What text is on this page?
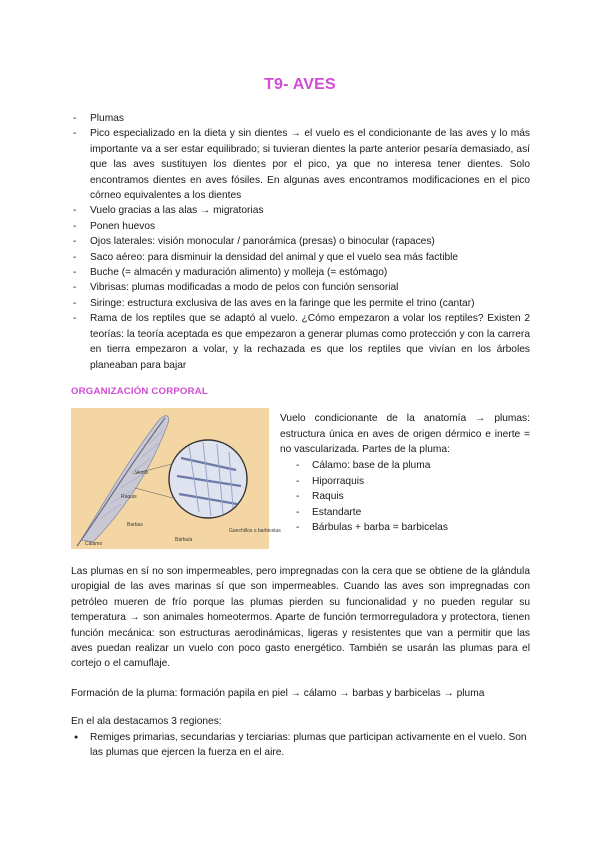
T9- AVES
- Plumas
- Pico especializado en la dieta y sin dientes → el vuelo es el condicionante de las aves y lo más importante va a ser estar equilibrado; si tuvieran dientes la parte anterior pesaría demasiado, así que las aves sustituyen los dientes por el pico, ya que no interesa tener dientes. Solo encontramos dientes en aves fósiles. En algunas aves encontramos modificaciones en el pico córneo equivalentes a los dientes
- Vuelo gracias a las alas → migratorias
- Ponen huevos
- Ojos laterales: visión monocular / panorámica (presas) o binocular (rapaces)
- Saco aéreo: para disminuir la densidad del animal y que el vuelo sea más factible
- Buche (= almacén y maduración alimento) y molleja (= estómago)
- Vibrisas: plumas modificadas a modo de pelos con función sensorial
- Siringe: estructura exclusiva de las aves en la faringe que les permite el trino (cantar)
- Rama de los reptiles que se adaptó al vuelo. ¿Cómo empezaron a volar los reptiles? Existen 2 teorías: la teoría aceptada es que empezaron a generar plumas como protección y con la carrera en tierra empezaron a volar, y la rechazada es que los reptiles que vivían en los árboles planeaban para bajar
ORGANIZACIÓN CORPORAL
Vexilo
Raquis
Barbas
Cálamo
Bárbula
Ganchillos o barbicelas
Vuelo condicionante de la anatomía → plumas: estructura única en aves de origen dérmico e inerte = no vascularizada. Partes de la pluma:
- Cálamo: base de la pluma
- Hiporraquis
- Raquis
- Estandarte
- Bárbulas + barba = barbicelas

Las plumas en sí no son impermeables, pero impregnadas con la cera que se obtiene de la glándula uropigial de las aves marinas sí que son impermeables. Cuando las aves son impregnadas con petróleo mueren de frío porque las plumas pierden su funcionalidad y no pueden regular su temperatura → son animales homeotermos. Aparte de función termorreguladora y protectora, tienen función mecánica: son estructuras aerodinámicas, ligeras y resistentes que van a permitir que las aves puedan realizar un vuelo con poco gasto energético. También se usarán las plumas para el cortejo o el camuflaje.

Formación de la pluma: formación papila en piel → cálamo → barbas y barbicelas → pluma

En el ala destacamos 3 regiones:

● Remiges primarias, secundarias y terciarias: plumas que participan activamente en el vuelo. Son las plumas que ejercen la fuerza en el aire.
